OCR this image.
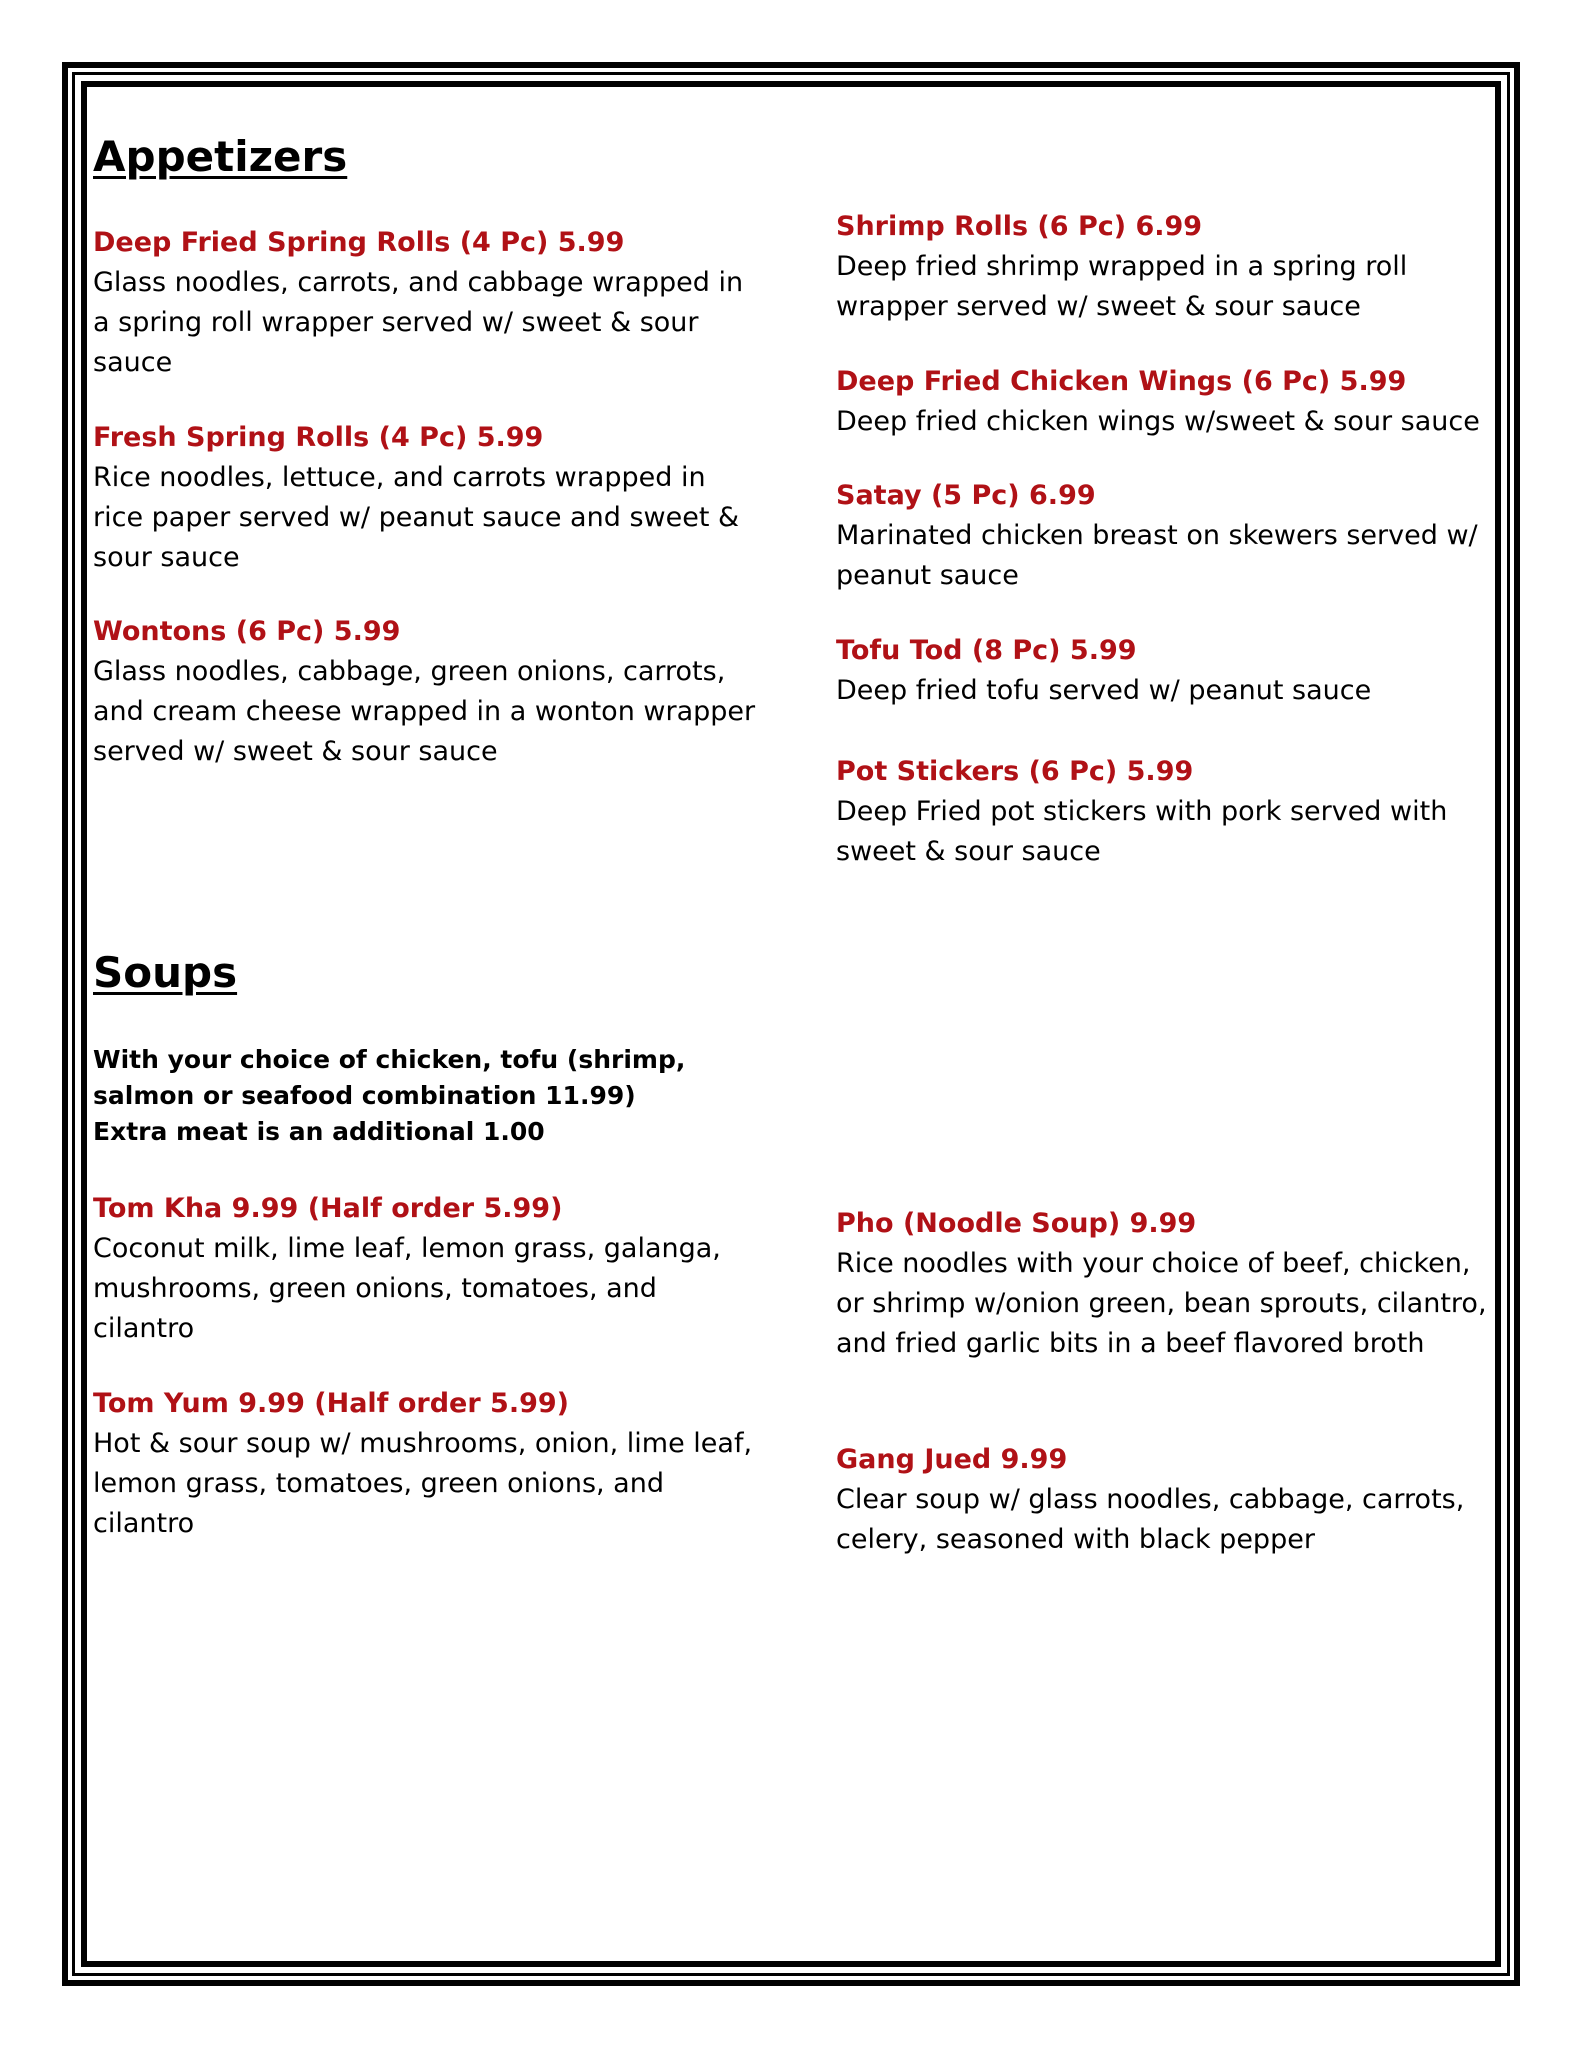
Appetizers
Deep Fried Spring Rolls (4 Pc) 5.99
Glass noodles, carrots, and cabbage wrapped in a spring roll wrapper served w/ sweet & sour sauce
Fresh Spring Rolls (4 Pc) 5.99
Rice noodles, lettuce, and carrots wrapped in rice paper served w/ peanut sauce and sweet & sour sauce
Wontons (6 Pc) 5.99
Glass noodles, cabbage, green onions, carrots, and cream cheese wrapped in a wonton wrapper served w/ sweet & sour sauce
Shrimp Rolls (6 Pc) 6.99
Deep fried shrimp wrapped in a spring roll wrapper served w/ sweet & sour sauce
Deep Fried Chicken Wings (6 Pc) 5.99
Deep fried chicken wings w/sweet & sour sauce
Satay (5 Pc) 6.99
Marinated chicken breast on skewers served w/ peanut sauce
Tofu Tod (8 Pc) 5.99
Deep fried tofu served w/ peanut sauce
Pot Stickers (6 Pc) 5.99
Deep Fried pot stickers with pork served with sweet & sour sauce
Soups

With your choice of chicken, tofu (shrimp, salmon or seafood combination 11.99)

Extra meat is an additional 1.00

Tom Kha 9.99 (Half order 5.99)
Coconut milk, lime leaf, lemon grass, galanga, mushrooms, green onions, tomatoes, and cilantro
Tom Yum 9.99 (Half order 5.99)
Hot & sour soup w/ mushrooms, onion, lime leaf, lemon grass, tomatoes, green onions, and cilantro
Pho (Noodle Soup) 9.99
Rice noodles with your choice of beef, chicken, or shrimp w/onion green, bean sprouts, cilantro, and fried garlic bits in a beef flavored broth
Gang Jued 9.99
Clear soup w/ glass noodles, cabbage, carrots, celery, seasoned with black pepper
